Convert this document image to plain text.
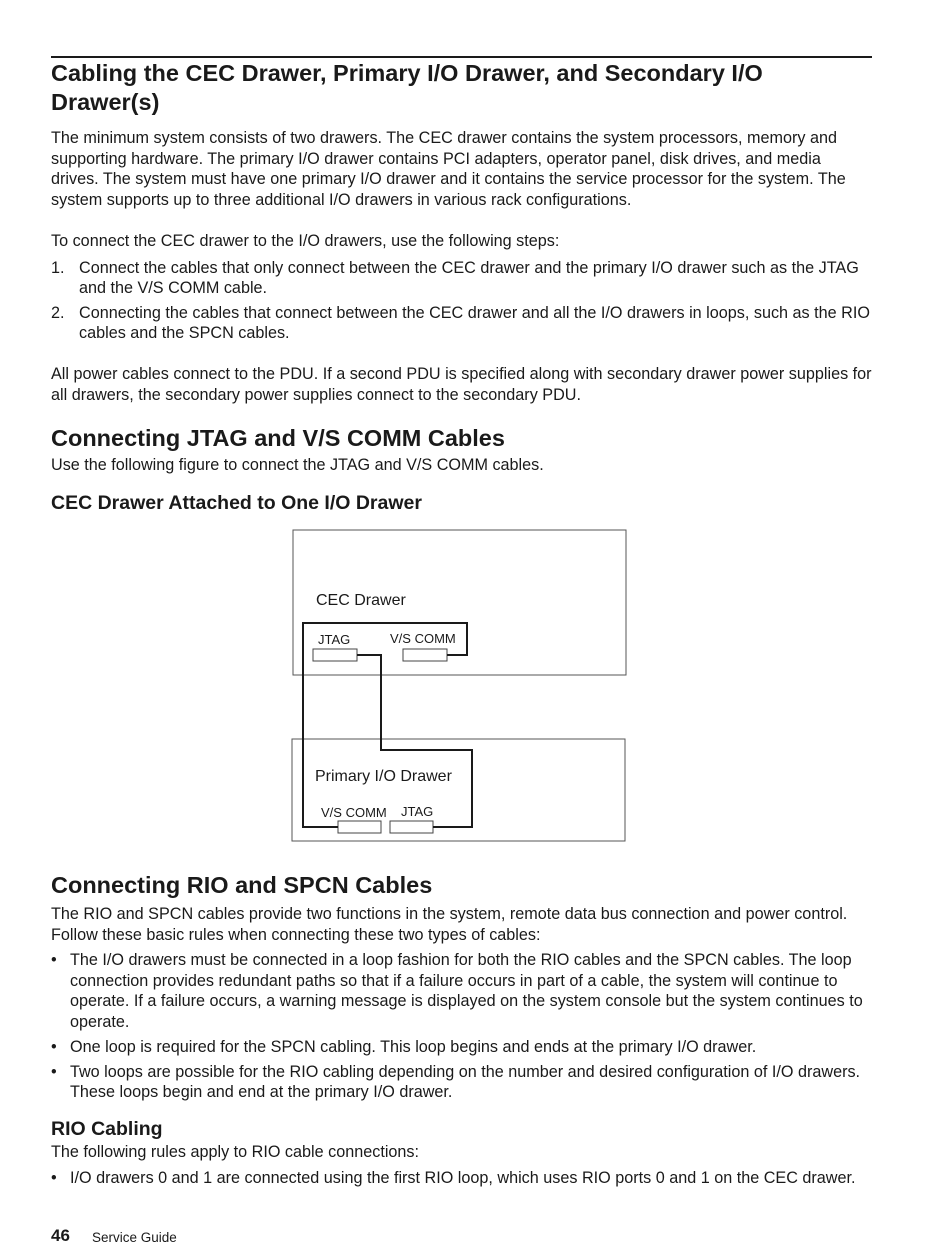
Cabling the CEC Drawer, Primary I/O Drawer, and Secondary I/O Drawer(s)

The minimum system consists of two drawers. The CEC drawer contains the system processors, memory and supporting hardware. The primary I/O drawer contains PCI adapters, operator panel, disk drives, and media drives. The system must have one primary I/O drawer and it contains the service processor for the system. The system supports up to three additional I/O drawers in various rack configurations.

To connect the CEC drawer to the I/O drawers, use the following steps:

1. Connect the cables that only connect between the CEC drawer and the primary I/O drawer such as the JTAG and the V/S COMM cable.
2. Connecting the cables that connect between the CEC drawer and all the I/O drawers in loops, such as the RIO cables and the SPCN cables.

All power cables connect to the PDU. If a second PDU is specified along with secondary drawer power supplies for all drawers, the secondary power supplies connect to the secondary PDU.

Connecting JTAG and V/S COMM Cables

Use the following figure to connect the JTAG and V/S COMM cables.

CEC Drawer Attached to One I/O Drawer
CEC Drawer
JTAG	V/S COMM
Primary I/O Drawer
V/S COMM JTAG
Connecting RIO and SPCN Cables

The RIO and SPCN cables provide two functions in the system, remote data bus connection and power control. Follow these basic rules when connecting these two types of cables:

• The I/O drawers must be connected in a loop fashion for both the RIO cables and the SPCN cables. The loop connection provides redundant paths so that if a failure occurs in part of a cable, the system will continue to operate. If a failure occurs, a warning message is displayed on the system console but the system continues to operate.
• One loop is required for the SPCN cabling. This loop begins and ends at the primary I/O drawer.
• Two loops are possible for the RIO cabling depending on the number and desired configuration of I/O drawers. These loops begin and end at the primary I/O drawer.
RIO Cabling

The following rules apply to RIO cable connections:

• I/O drawers 0 and 1 are connected using the first RIO loop, which uses RIO ports 0 and 1 on the CEC drawer.
46 Service Guide
